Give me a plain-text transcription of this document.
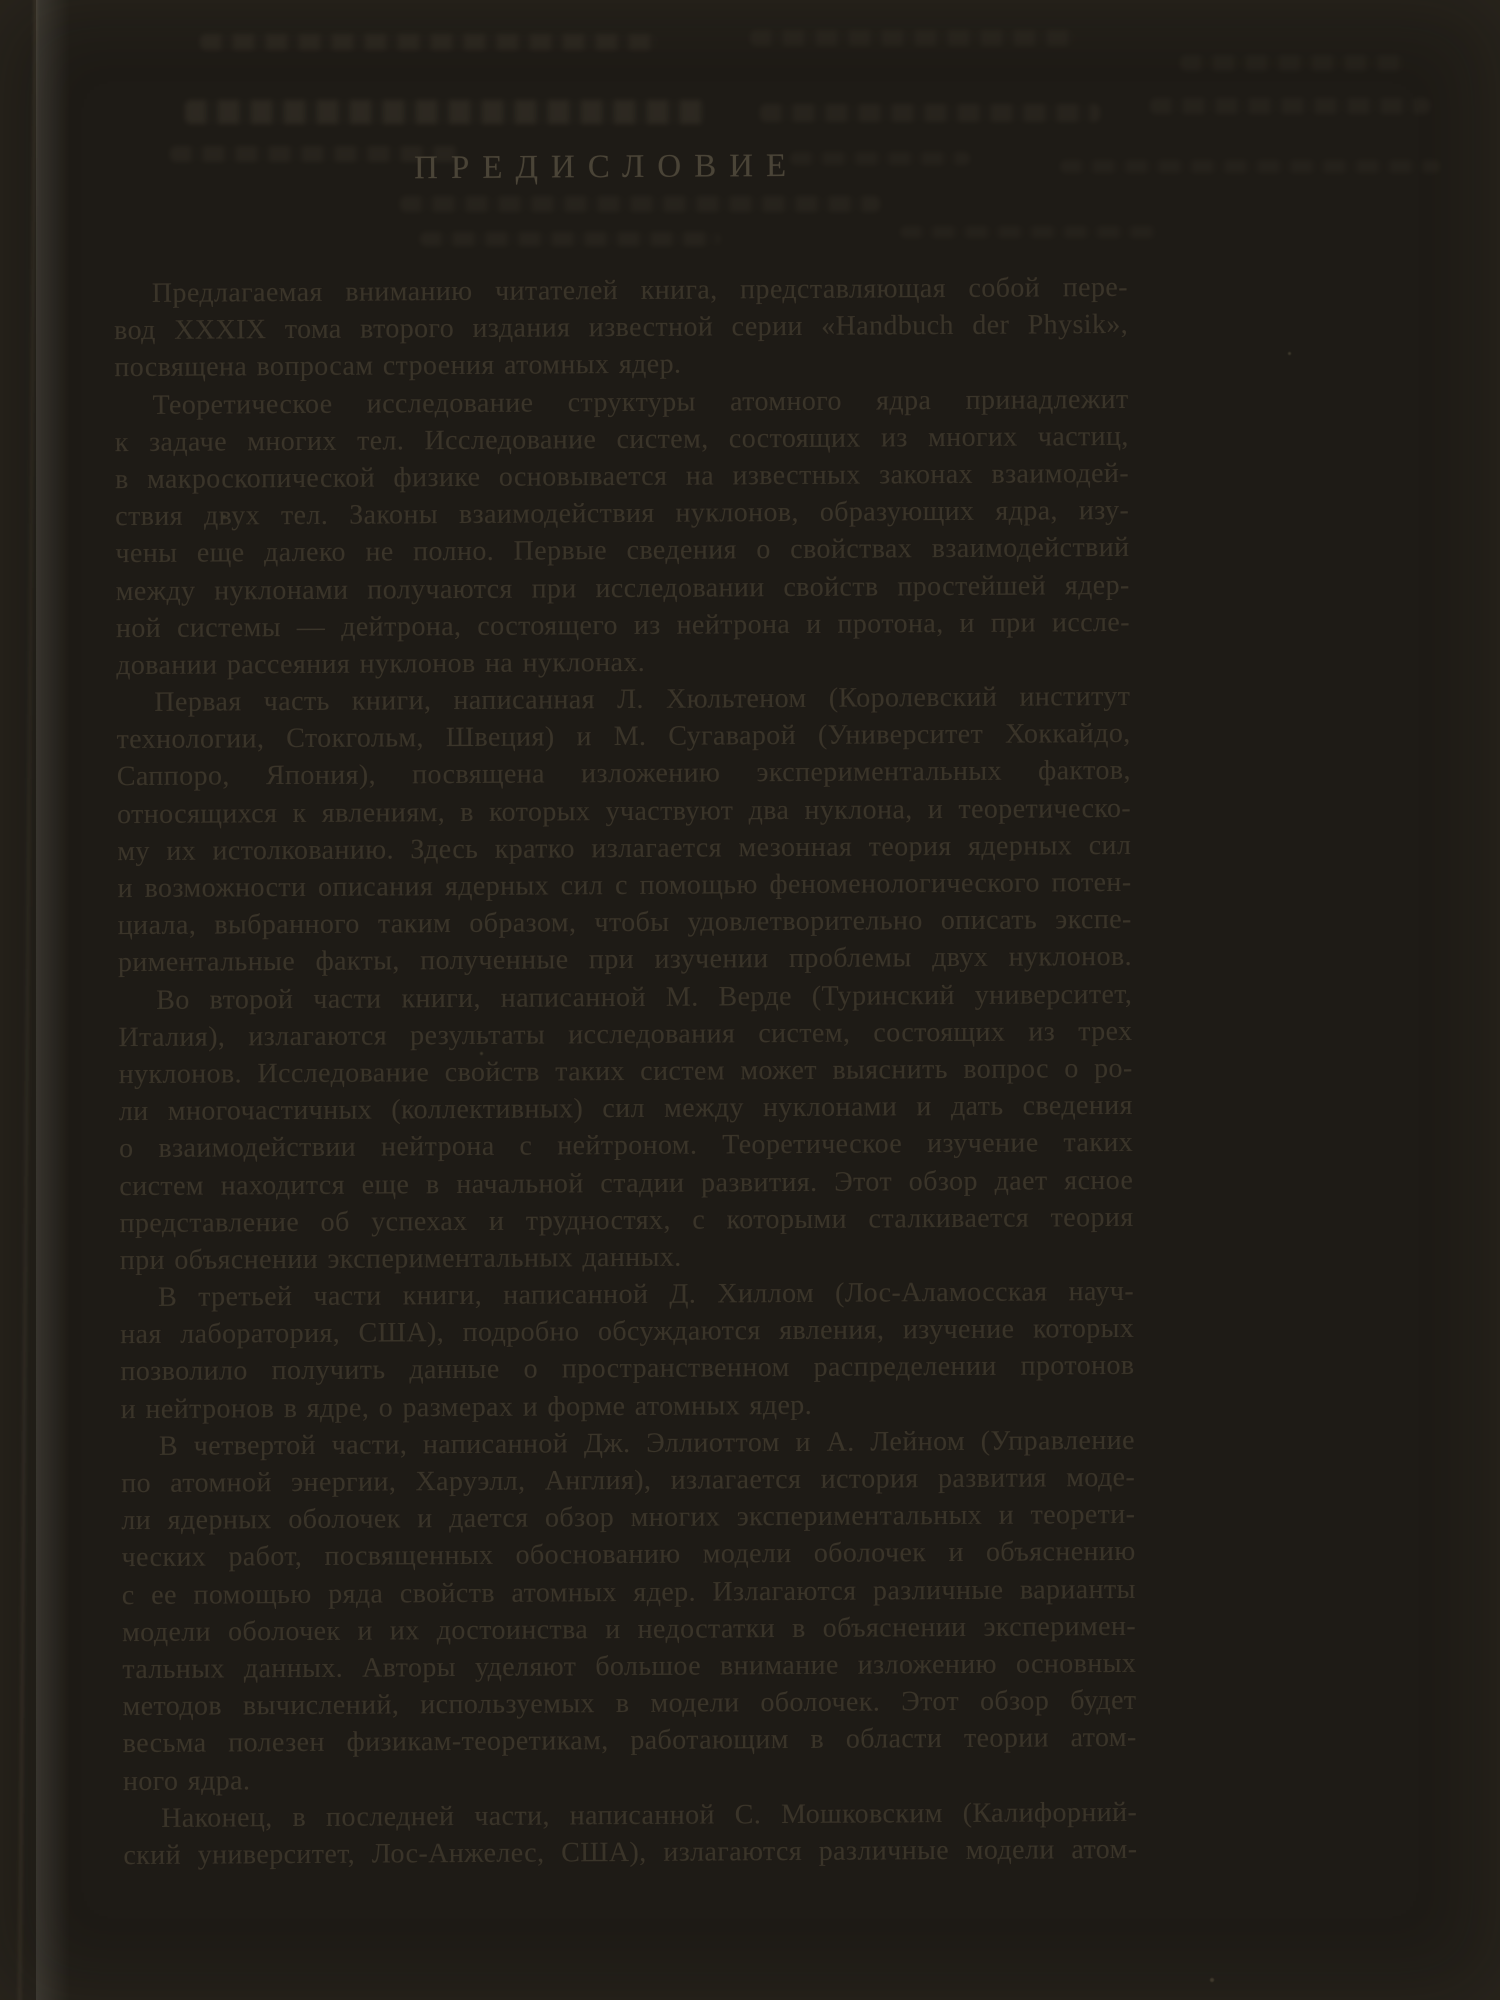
ПРЕДИСЛОВИЕ
Предлагаемая вниманию читателей книга, представляющая собой пере-
вод XXXIX тома второго издания известной серии «Handbuch der Physik»,
посвящена вопросам строения атомных ядер.
Теоретическое исследование структуры атомного ядра принадлежит
к задаче многих тел. Исследование систем, состоящих из многих частиц,
в макроскопической физике основывается на известных законах взаимодей-
ствия двух тел. Законы взаимодействия нуклонов, образующих ядра, изу-
чены еще далеко не полно. Первые сведения о свойствах взаимодействий
между нуклонами получаются при исследовании свойств простейшей ядер-
ной системы — дейтрона, состоящего из нейтрона и протона, и при иссле-
довании рассеяния нуклонов на нуклонах.
Первая часть книги, написанная Л. Хюльтеном (Королевский институт
технологии, Стокгольм, Швеция) и М. Сугаварой (Университет Хоккайдо,
Саппоро, Япония), посвящена изложению экспериментальных фактов,
относящихся к явлениям, в которых участвуют два нуклона, и теоретическо-
му их истолкованию. Здесь кратко излагается мезонная теория ядерных сил
и возможности описания ядерных сил с помощью феноменологического потен-
циала, выбранного таким образом, чтобы удовлетворительно описать экспе-
риментальные факты, полученные при изучении проблемы двух нуклонов.
Во второй части книги, написанной М. Верде (Туринский университет,
Италия), излагаются результаты исследования систем, состоящих из трех
нуклонов. Исследование свойств таких систем может выяснить вопрос о ро-
ли многочастичных (коллективных) сил между нуклонами и дать сведения
о взаимодействии нейтрона с нейтроном. Теоретическое изучение таких
систем находится еще в начальной стадии развития. Этот обзор дает ясное
представление об успехах и трудностях, с которыми сталкивается теория
при объяснении экспериментальных данных.
В третьей части книги, написанной Д. Хиллом (Лос-Аламосская науч-
ная лаборатория, США), подробно обсуждаются явления, изучение которых
позволило получить данные о пространственном распределении протонов
и нейтронов в ядре, о размерах и форме атомных ядер.
В четвертой части, написанной Дж. Эллиоттом и А. Лейном (Управление
по атомной энергии, Харуэлл, Англия), излагается история развития моде-
ли ядерных оболочек и дается обзор многих экспериментальных и теорети-
ческих работ, посвященных обоснованию модели оболочек и объяснению
с ее помощью ряда свойств атомных ядер. Излагаются различные варианты
модели оболочек и их достоинства и недостатки в объяснении эксперимен-
тальных данных. Авторы уделяют большое внимание изложению основных
методов вычислений, используемых в модели оболочек. Этот обзор будет
весьма полезен физикам-теоретикам, работающим в области теории атом-
ного ядра.
Наконец, в последней части, написанной С. Мошковским (Калифорний-
ский университет, Лос-Анжелес, США), излагаются различные модели атом-
